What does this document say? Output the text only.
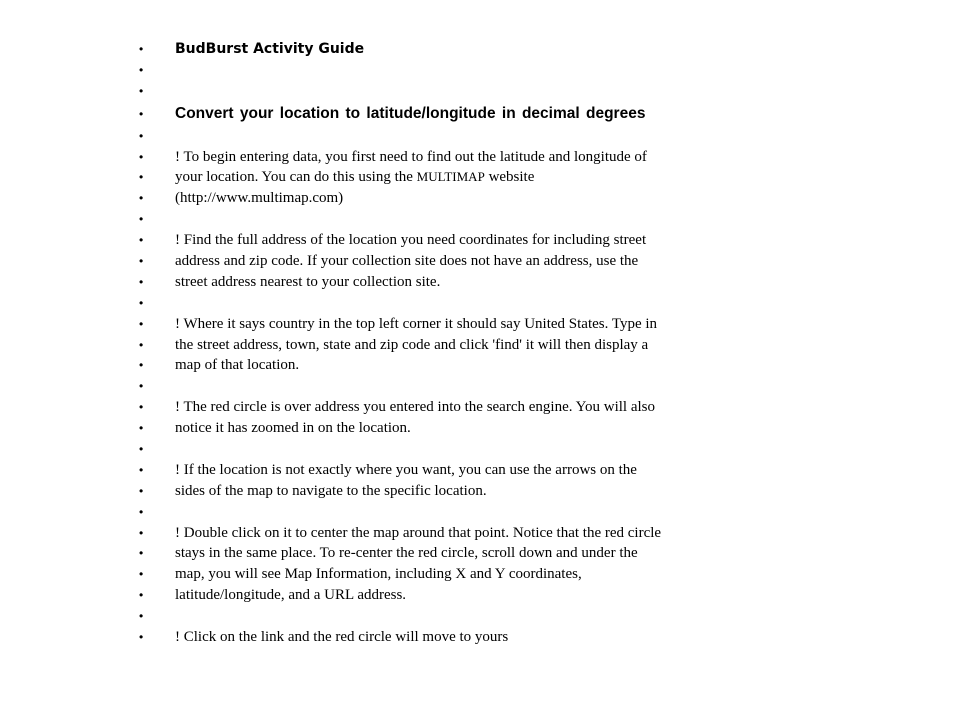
• BudBurst Activity Guide
•
•
• Convert your location to latitude/longitude in decimal degrees
•
• ! To begin entering data, you first need to find out the latitude and longitude of
• your location. You can do this using the MULTIMAP website
• (http://www.multimap.com)
•
• ! Find the full address of the location you need coordinates for including street
• address and zip code. If your collection site does not have an address, use the
• street address nearest to your collection site.
•
• ! Where it says country in the top left corner it should say United States. Type in
• the street address, town, state and zip code and click 'find' it will then display a
• map of that location.
•
• ! The red circle is over address you entered into the search engine. You will also
• notice it has zoomed in on the location.
•
• ! If the location is not exactly where you want, you can use the arrows on the
• sides of the map to navigate to the specific location.
•
• ! Double click on it to center the map around that point. Notice that the red circle
• stays in the same place. To re-center the red circle, scroll down and under the
• map, you will see Map Information, including X and Y coordinates,
• latitude/longitude, and a URL address.
•
• ! Click on the link and the red circle will move to yours
